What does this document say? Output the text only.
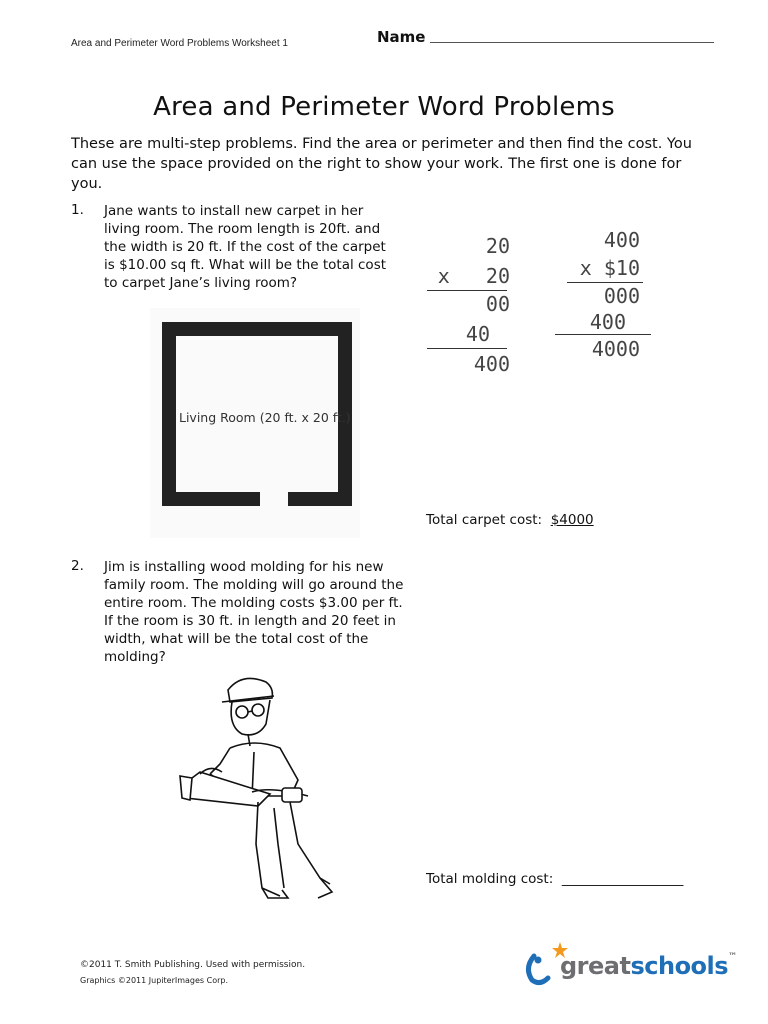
Area and Perimeter Word Problems Worksheet 1	Name
Area and Perimeter Word Problems
These are multi-step problems. Find the area or perimeter and then find the cost. You can use the space provided on the right to show your work. The first one is done for you.
1. Jane wants to install new carpet in her living room. The room length is 20ft. and the width is 20 ft. If the cost of the carpet is $10.00 sq ft. What will be the total cost to carpet Jane’s living room?
Living Room (20 ft. x 20 ft.)
20
x   20
00
40
400
400
x $10
000
400
4000
Total carpet cost: $4000
2. Jim is installing wood molding for his new family room. The molding will go around the entire room. The molding costs $3.00 per ft. If the room is 30 ft. in length and 20 feet in width, what will be the total cost of the molding?
Total molding cost: __________________
©2011 T. Smith Publishing. Used with permission.
Graphics ©2011 JupiterImages Corp.
greatschools™
